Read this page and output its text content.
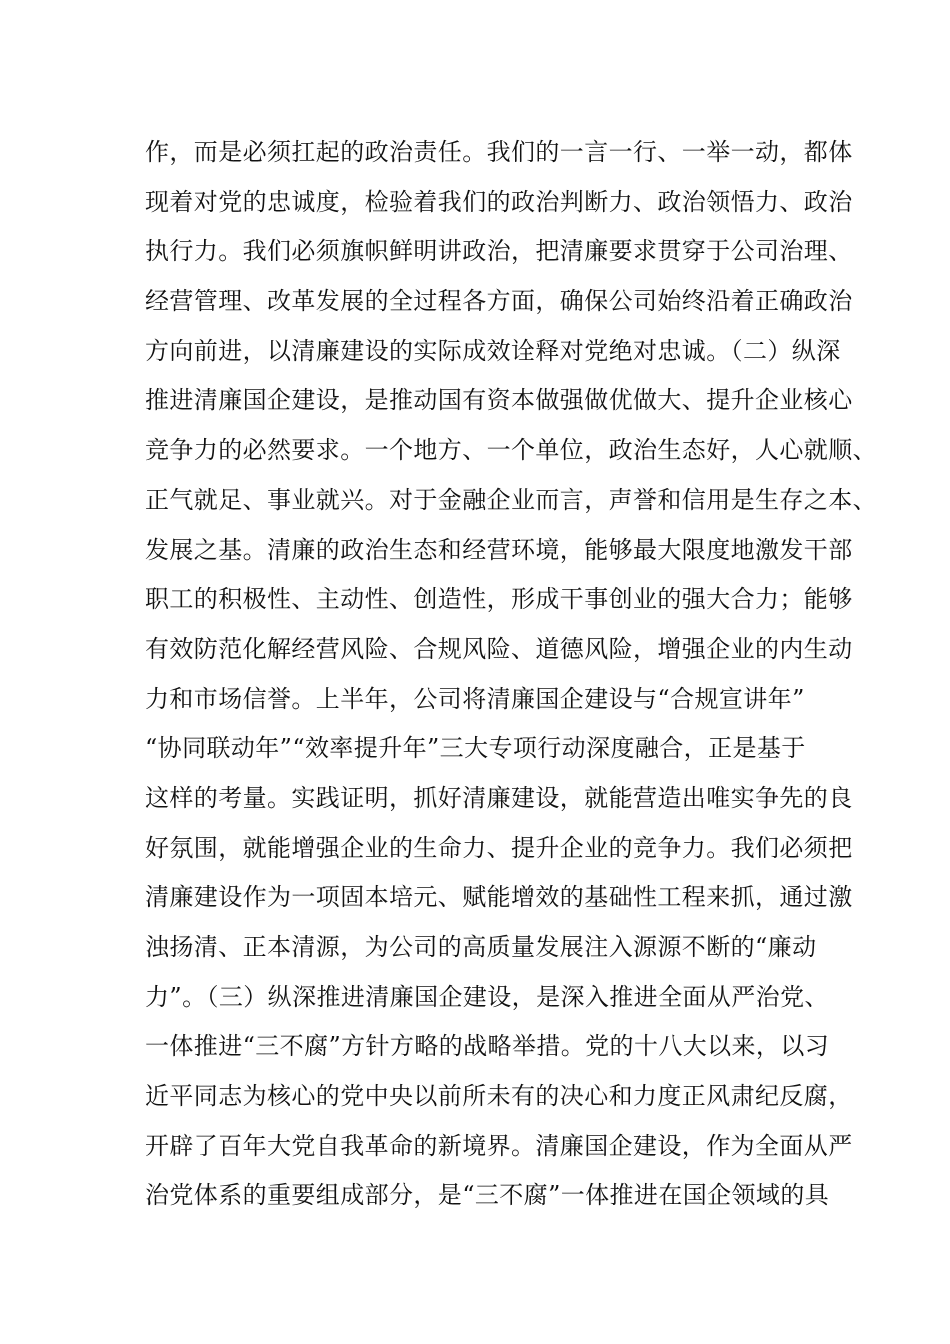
作，而是必须扛起的政治责任。我们的一言一行、一举一动，都体
现着对党的忠诚度，检验着我们的政治判断力、政治领悟力、政治
执行力。我们必须旗帜鲜明讲政治，把清廉要求贯穿于公司治理、
经营管理、改革发展的全过程各方面，确保公司始终沿着正确政治
方向前进，以清廉建设的实际成效诠释对党绝对忠诚。（二）纵深
推进清廉国企建设，是推动国有资本做强做优做大、提升企业核心
竞争力的必然要求。一个地方、一个单位，政治生态好，人心就顺、
正气就足、事业就兴。对于金融企业而言，声誉和信用是生存之本、
发展之基。清廉的政治生态和经营环境，能够最大限度地激发干部
职工的积极性、主动性、创造性，形成干事创业的强大合力；能够
有效防范化解经营风险、合规风险、道德风险，增强企业的内生动
力和市场信誉。上半年，公司将清廉国企建设与“合规宣讲年”
“协同联动年”“效率提升年”三大专项行动深度融合，正是基于
这样的考量。实践证明，抓好清廉建设，就能营造出唯实争先的良
好氛围，就能增强企业的生命力、提升企业的竞争力。我们必须把
清廉建设作为一项固本培元、赋能增效的基础性工程来抓，通过激
浊扬清、正本清源，为公司的高质量发展注入源源不断的“廉动
力”。（三）纵深推进清廉国企建设，是深入推进全面从严治党、
一体推进“三不腐”方针方略的战略举措。党的十八大以来，以习
近平同志为核心的党中央以前所未有的决心和力度正风肃纪反腐，
开辟了百年大党自我革命的新境界。清廉国企建设，作为全面从严
治党体系的重要组成部分，是“三不腐”一体推进在国企领域的具
